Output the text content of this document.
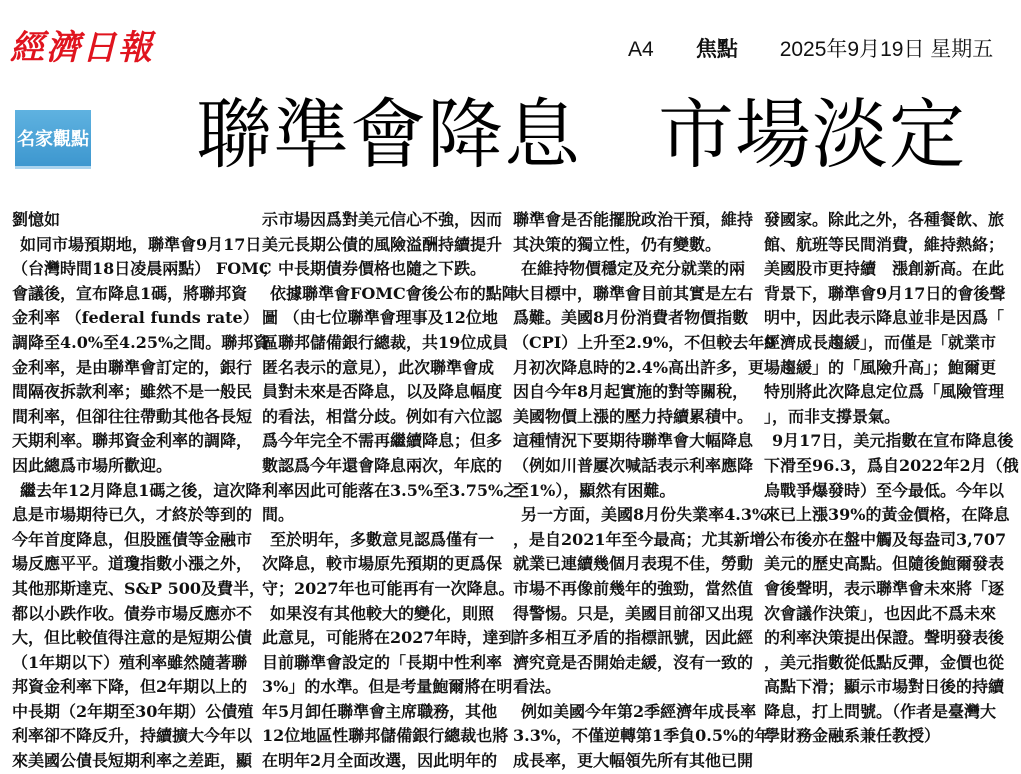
經濟日報	A4 焦點 2025年9月19日 星期五
名家觀點 聯準會降息　市場淡定
劉憶如
如同市場預期地，聯準會9月17日
（台灣時間18日凌晨兩點） FOMC
會議後，宣布降息1碼，將聯邦資
金利率 （federal funds rate）
調降至4.0%至4.25%之間。聯邦資
金利率，是由聯準會訂定的，銀行
間隔夜拆款利率；雖然不是一般民
間利率，但卻往往帶動其他各長短
天期利率。聯邦資金利率的調降，
因此總爲市場所歡迎。
繼去年12月降息1碼之後，這次降
息是市場期待已久，才終於等到的
今年首度降息，但股匯債等金融市
場反應平平。道瓊指數小漲之外，
其他那斯達克、S&P 500及費半，
都以小跌作收。債券市場反應亦不
大，但比較值得注意的是短期公債
（1年期以下）殖利率雖然隨著聯
邦資金利率下降，但2年期以上的
中長期（2年期至30年期）公債殖
利率卻不降反升，持續擴大今年以
來美國公債長短期利率之差距，顯
示市場因爲對美元信心不強，因而
美元長期公債的風險溢酬持續提升
；中長期債券價格也隨之下跌。
依據聯準會FOMC會後公布的點陣
圖 （由七位聯準會理事及12位地
區聯邦儲備銀行總裁，共19位成員
匿名表示的意見），此次聯準會成
員對未來是否降息，以及降息幅度
的看法，相當分歧。例如有六位認
爲今年完全不需再繼續降息；但多
數認爲今年還會降息兩次，年底的
利率因此可能落在3.5%至3.75%之
間。
至於明年，多數意見認爲僅有一
次降息，較市場原先預期的更爲保
守；2027年也可能再有一次降息。
如果沒有其他較大的變化，則照
此意見，可能將在2027年時，達到
目前聯準會設定的「長期中性利率
3%」的水準。但是考量鮑爾將在明
年5月卸任聯準會主席職務，其他
12位地區性聯邦儲備銀行總裁也將
在明年2月全面改選，因此明年的
聯準會是否能擺脫政治干預，維持
其決策的獨立性，仍有變數。
在維持物價穩定及充分就業的兩
大目標中，聯準會目前其實是左右
爲難。美國8月份消費者物價指數
（CPI）上升至2.9%，不但較去年9
月初次降息時的2.4%高出許多，更
因自今年8月起實施的對等關稅，
美國物價上漲的壓力持續累積中。
這種情況下要期待聯準會大幅降息
（例如川普屢次喊話表示利率應降
至1%），顯然有困難。
另一方面，美國8月份失業率4.3%
，是自2021年至今最高；尤其新增
就業已連續幾個月表現不佳，勞動
市場不再像前幾年的強勁，當然值
得警惕。只是，美國目前卻又出現
許多相互矛盾的指標訊號，因此經
濟究竟是否開始走緩，沒有一致的
看法。
例如美國今年第2季經濟年成長率
3.3%，不僅逆轉第1季負0.5%的年
成長率，更大幅領先所有其他已開
發國家。除此之外，各種餐飲、旅
館、航班等民間消費，維持熱絡；
美國股市更持續　漲創新高。在此
背景下，聯準會9月17日的會後聲
明中，因此表示降息並非是因爲「
經濟成長趨緩」，而僅是「就業市
場趨緩」的「風險升高」；鮑爾更
特別將此次降息定位爲「風險管理
」，而非支撐景氣。
9月17日，美元指數在宣布降息後
下滑至96.3，爲自2022年2月（俄
烏戰爭爆發時）至今最低。今年以
來已上漲39%的黃金價格，在降息
公布後亦在盤中觸及每盎司3,707
美元的歷史高點。但隨後鮑爾發表
會後聲明，表示聯準會未來將「逐
次會議作決策」，也因此不爲未來
的利率決策提出保證。聲明發表後
，美元指數從低點反彈，金價也從
高點下滑；顯示市場對日後的持續
降息，打上問號。（作者是臺灣大
學財務金融系兼任教授）
